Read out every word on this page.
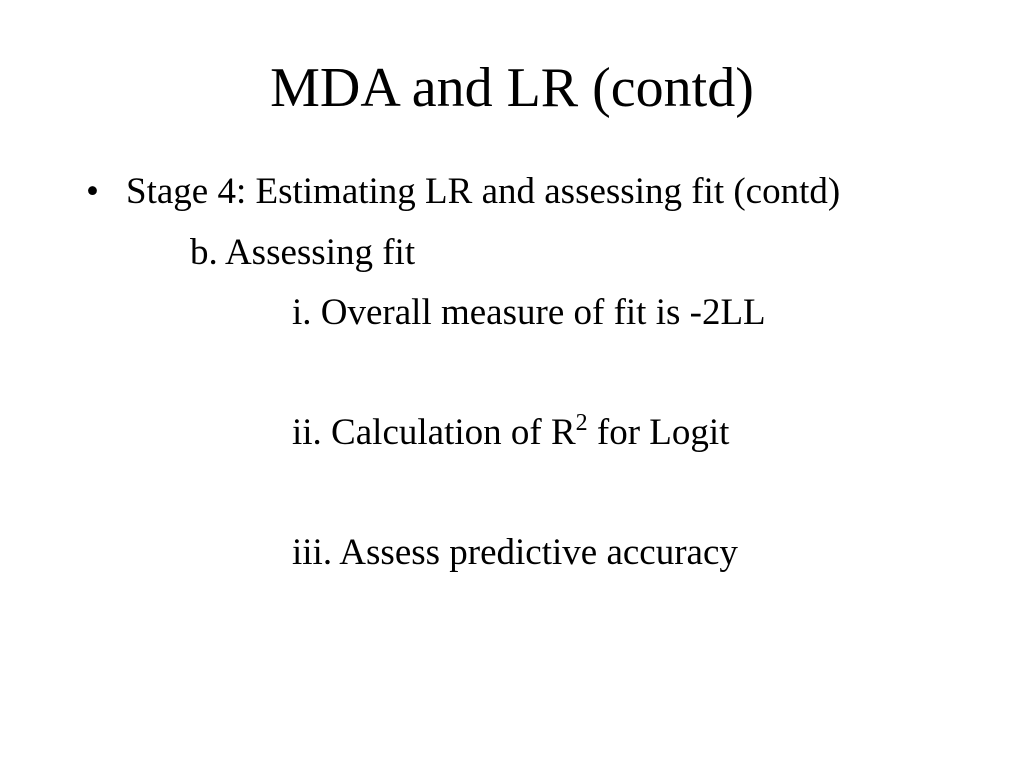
MDA and LR (contd)
• Stage 4: Estimating LR and assessing fit (contd)
b. Assessing fit
i. Overall measure of fit is -2LL
ii. Calculation of $R^2$ for Logit
iii. Assess predictive accuracy
